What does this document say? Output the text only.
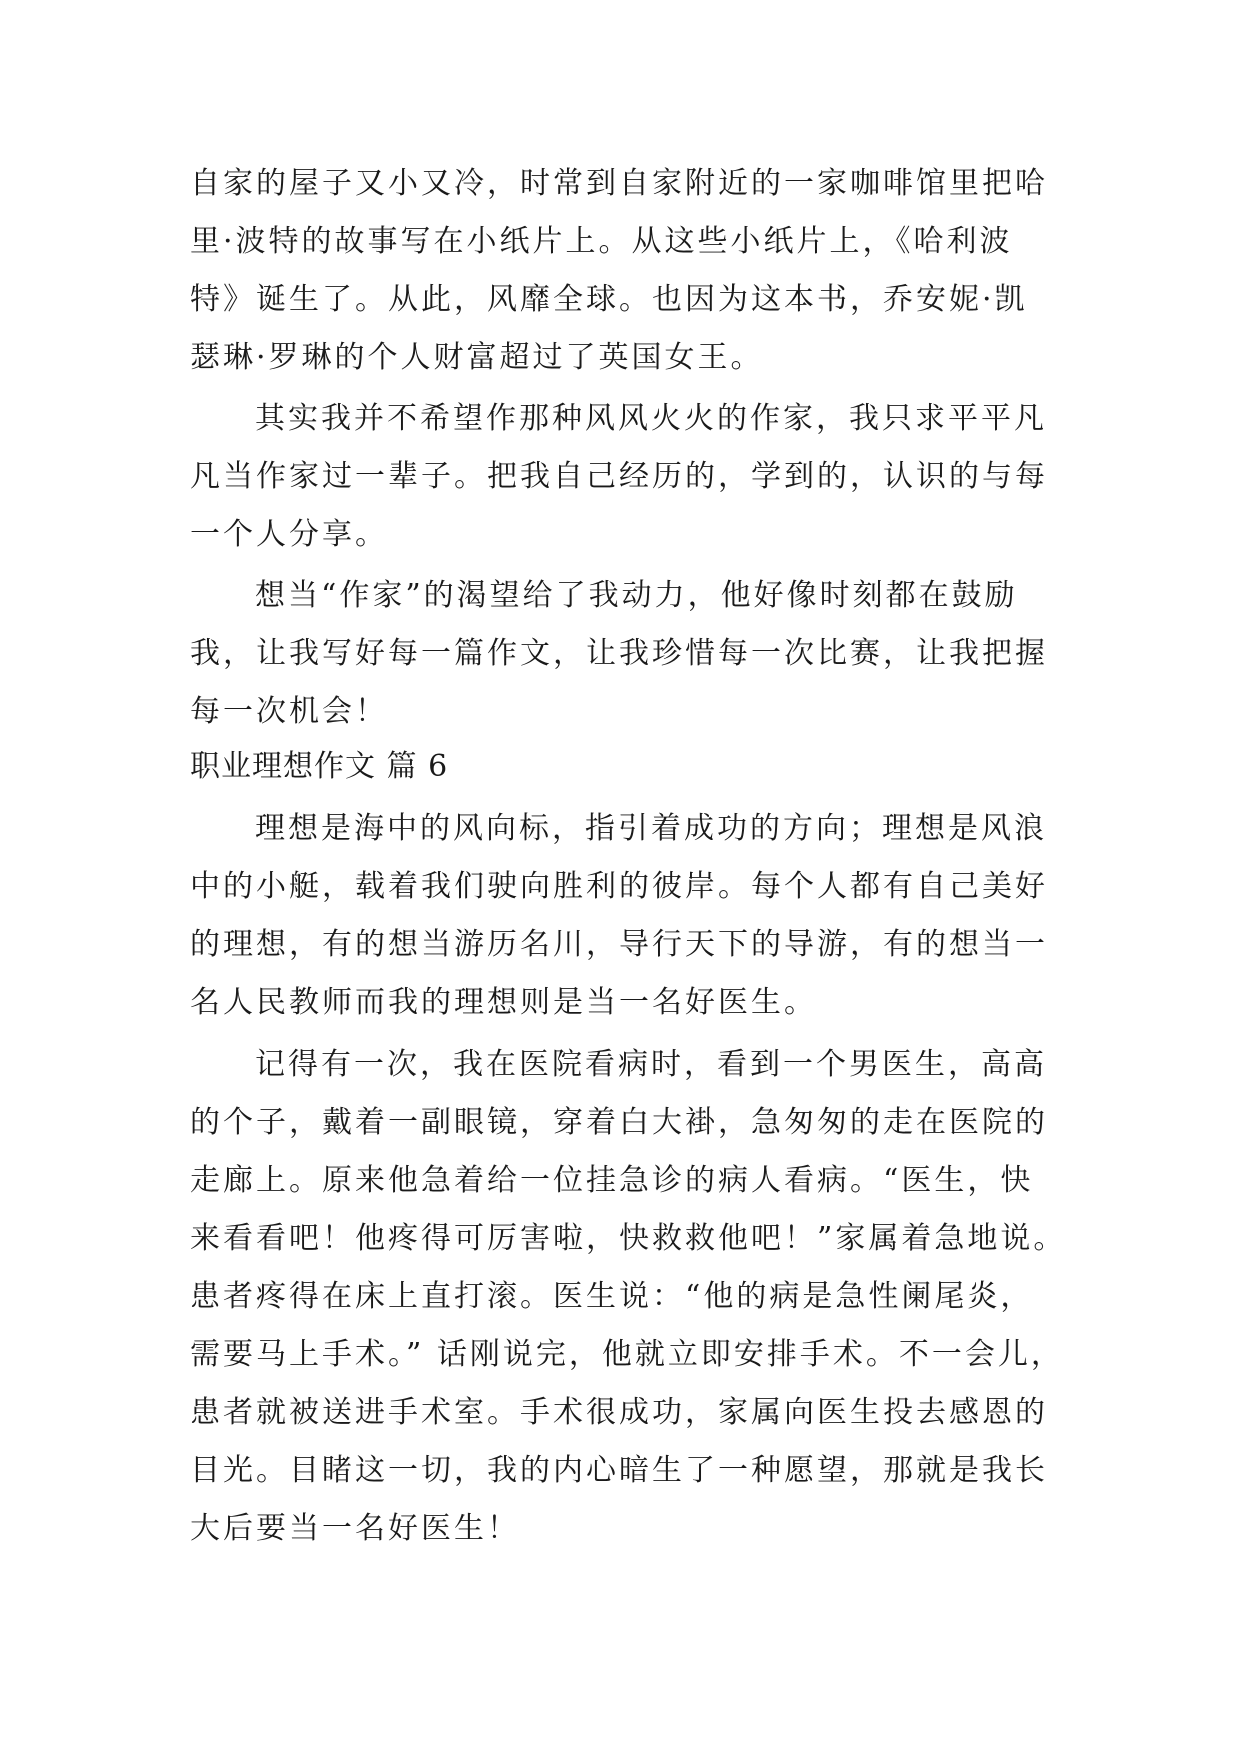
自家的屋子又小又冷，时常到自家附近的一家咖啡馆里把哈

里·波特的故事写在小纸片上。从这些小纸片上，《哈利波

特》诞生了。从此，风靡全球。也因为这本书，乔安妮·凯

瑟琳·罗琳的个人财富超过了英国女王。

其实我并不希望作那种风风火火的作家，我只求平平凡

凡当作家过一辈子。把我自己经历的，学到的，认识的与每

一个人分享。

想当“作家”的渴望给了我动力，他好像时刻都在鼓励

我，让我写好每一篇作文，让我珍惜每一次比赛，让我把握

每一次机会！

职业理想作文 篇 6

理想是海中的风向标，指引着成功的方向；理想是风浪

中的小艇，载着我们驶向胜利的彼岸。每个人都有自己美好

的理想，有的想当游历名川，导行天下的导游，有的想当一

名人民教师而我的理想则是当一名好医生。

记得有一次，我在医院看病时，看到一个男医生，高高

的个子，戴着一副眼镜，穿着白大褂，急匆匆的走在医院的

走廊上。原来他急着给一位挂急诊的病人看病。“医生，快

来看看吧！他疼得可厉害啦，快救救他吧！”家属着急地说。

患者疼得在床上直打滚。医生说：“他的病是急性阑尾炎，

需要马上手术。” 话刚说完，他就立即安排手术。不一会儿，

患者就被送进手术室。手术很成功，家属向医生投去感恩的

目光。目睹这一切，我的内心暗生了一种愿望，那就是我长

大后要当一名好医生！
